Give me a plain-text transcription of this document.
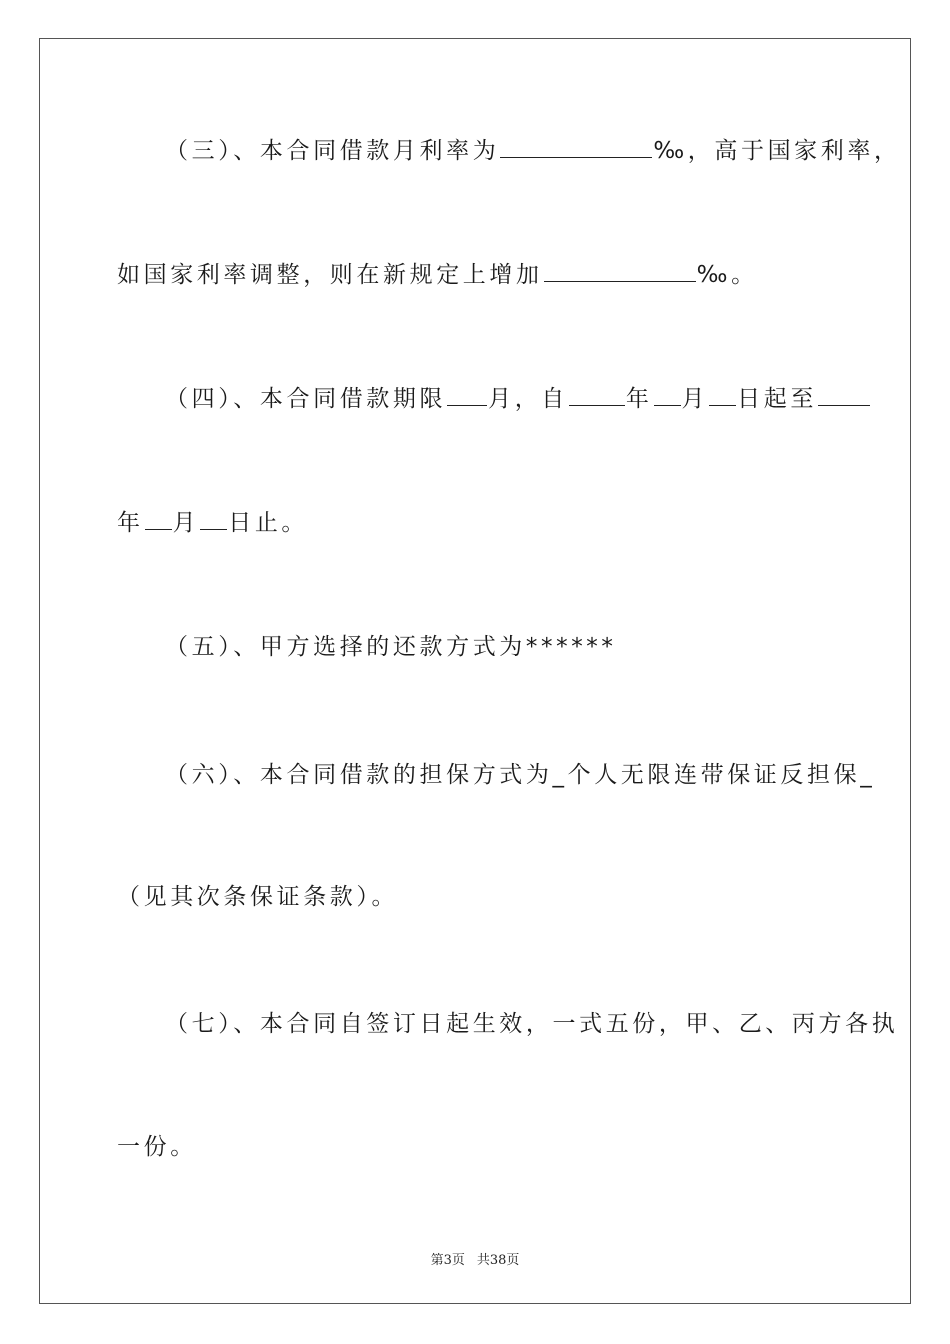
（三）、本合同借款月利率为	‰，高于国家利率，
如国家利率调整，则在新规定上增加	‰。
（四）、本合同借款期限 月，自	年 月 日起至
年 月 日止。
（五）、甲方选择的还款方式为******
（六）、本合同借款的担保方式为_个人无限连带保证反担保_
（见其次条保证条款）。
（七）、本合同自签订日起生效，一式五份，甲、乙、丙方各执
一份。
第3页 共38页
